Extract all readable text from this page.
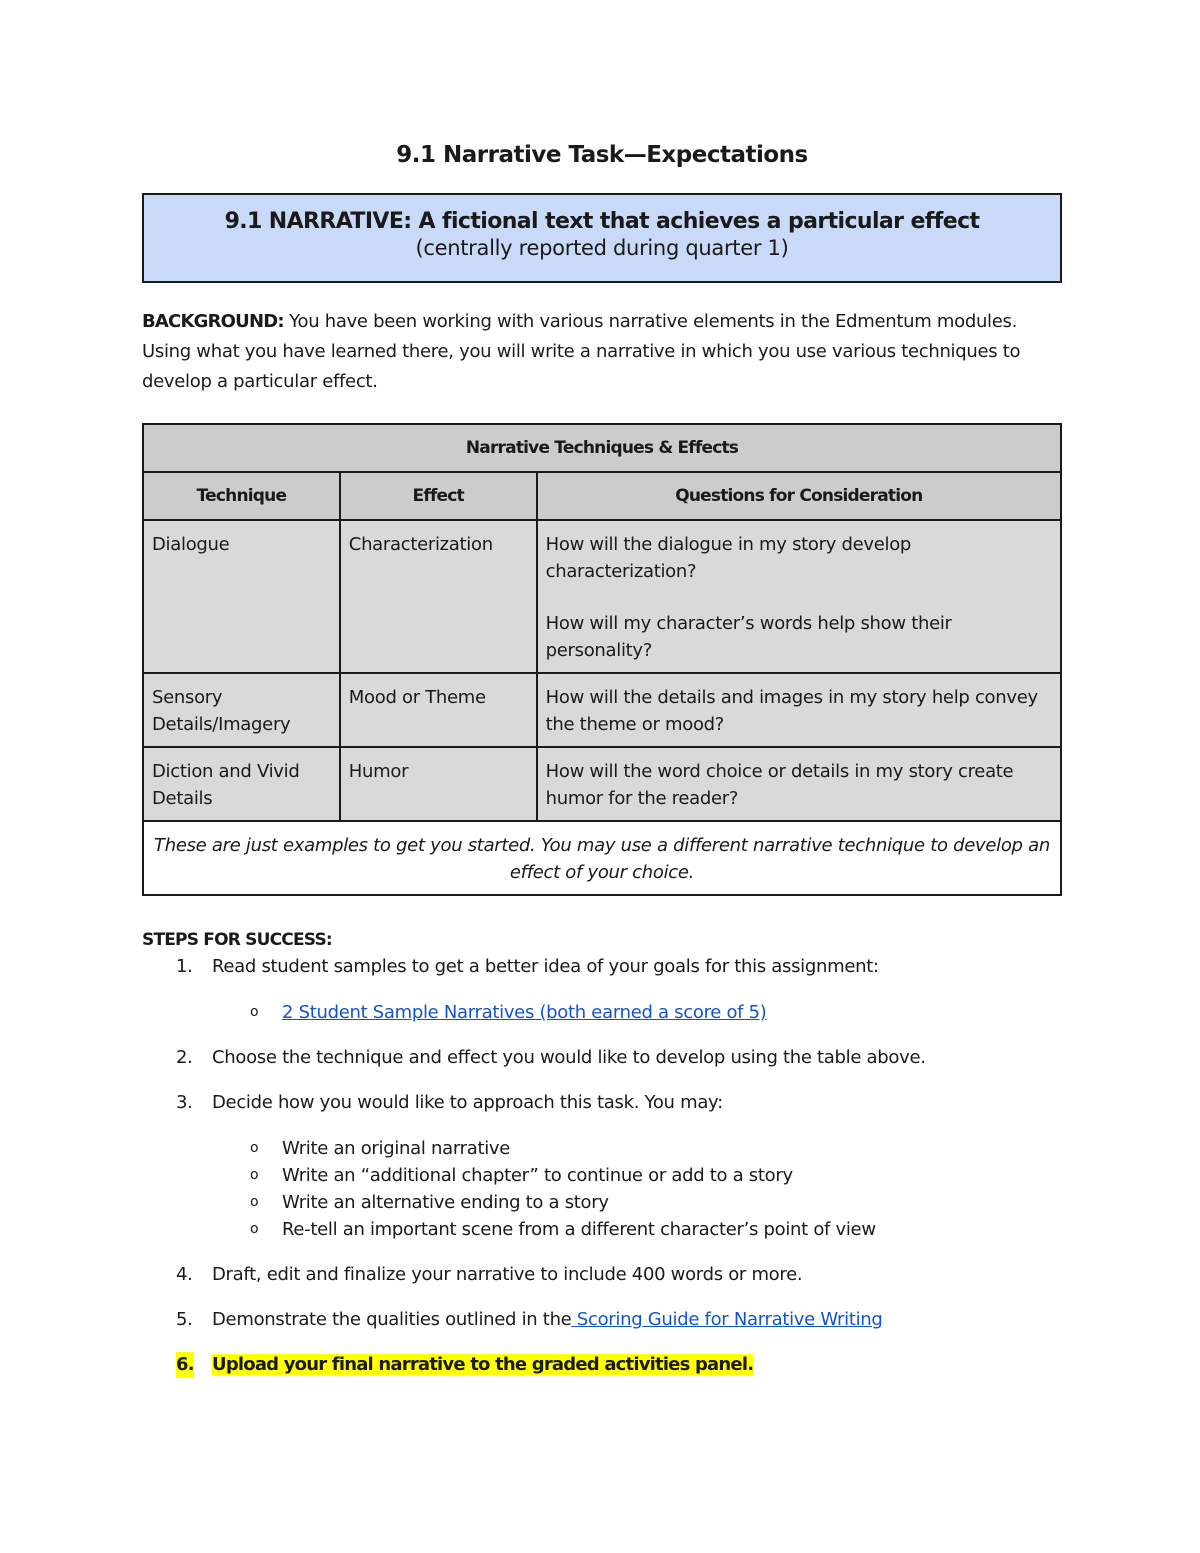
9.1 Narrative Task—Expectations
9.1 NARRATIVE: A fictional text that achieves a particular effect
(centrally reported during quarter 1)
BACKGROUND: You have been working with various narrative elements in the Edmentum modules. Using what you have learned there, you will write a narrative in which you use various techniques to develop a particular effect.
Narrative Techniques & Effects		
Technique	Effect	Questions for Consideration
Dialogue	Characterization	How will the dialogue in my story develop characterization?

How will my character’s words help show their personality?

Sensory Details/Imagery	Mood or Theme	How will the details and images in my story help convey the theme or mood?

Diction and Vivid Details	Humor	How will the word choice or details in my story create humor for the reader?

These are just examples to get you started. You may use a different narrative technique to develop an effect of your choice.		
STEPS FOR SUCCESS:
1. Read student samples to get a better idea of your goals for this assignment:
o 2 Student Sample Narratives (both earned a score of 5)
2. Choose the technique and effect you would like to develop using the table above.
3. Decide how you would like to approach this task. You may:
o Write an original narrative
o Write an “additional chapter” to continue or add to a story
o Write an alternative ending to a story
o Re-tell an important scene from a different character’s point of view
4. Draft, edit and finalize your narrative to include 400 words or more.
5. Demonstrate the qualities outlined in the Scoring Guide for Narrative Writing
6. Upload your final narrative to the graded activities panel.
